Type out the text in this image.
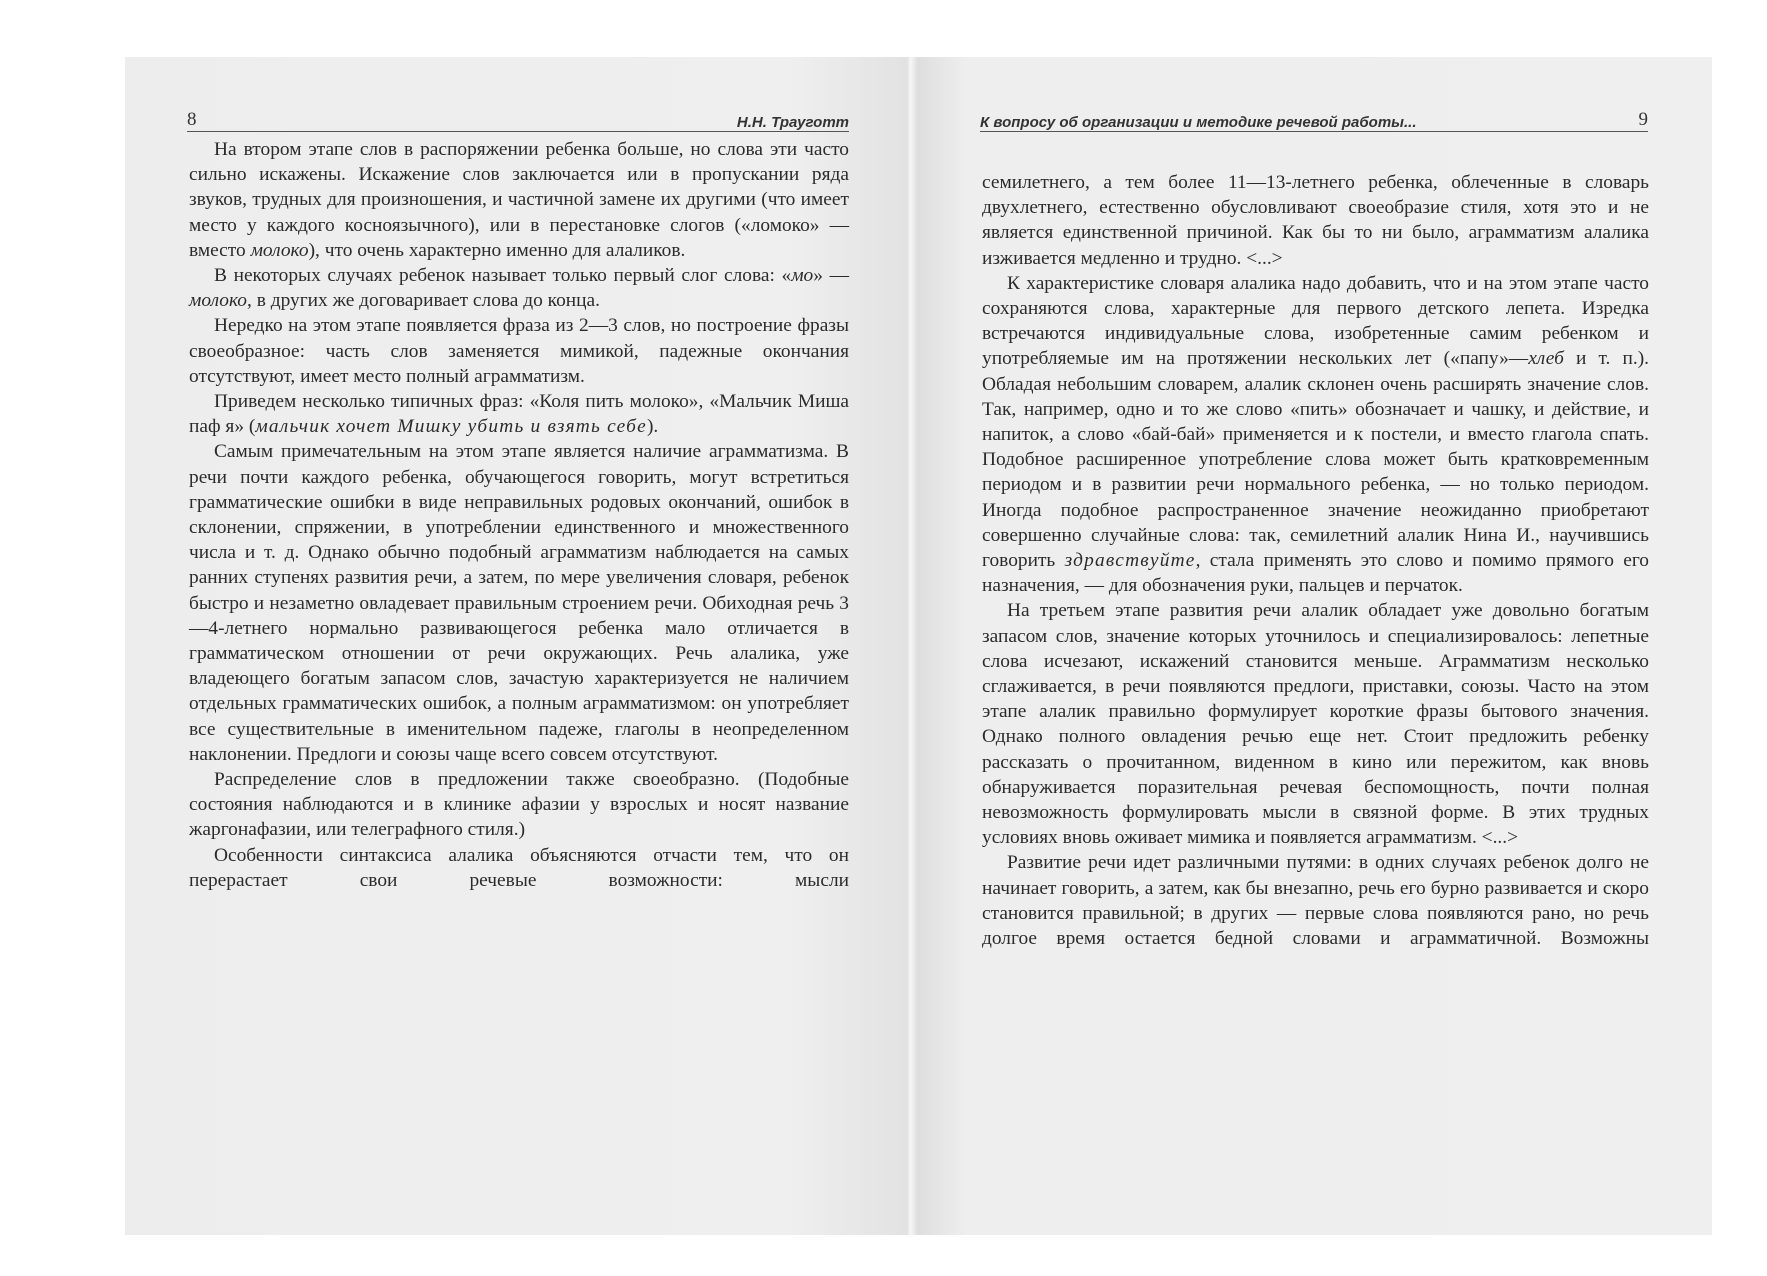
8	Н.Н. Трауготт

На втором этапе слов в распоряжении ребенка больше, но слова эти часто сильно искажены. Искажение слов заключается или в пропускании ряда звуков, трудных для произношения, и частичной замене их другими (что имеет место у каждого косноязычного), или в перестановке слогов («ломоко» — вместо молоко), что очень характерно именно для алаликов.

В некоторых случаях ребенок называет только первый слог слова: «мо» — молоко, в других же договаривает слова до конца.

Нередко на этом этапе появляется фраза из 2—3 слов, но построение фразы своеобразное: часть слов заменяется мимикой, падежные окончания отсутствуют, имеет место полный аграмматизм.

Приведем несколько типичных фраз: «Коля пить молоко», «Мальчик Миша паф я» (мальчик хочет Мишку убить и взять себе).

Самым примечательным на этом этапе является наличие аграмматизма. В речи почти каждого ребенка, обучающегося говорить, могут встретиться грамматические ошибки в виде неправильных родовых окончаний, ошибок в склонении, спряжении, в употреблении единственного и множественного числа и т. д. Однако обычно подобный аграмматизм наблюдается на самых ранних ступенях развития речи, а затем, по мере увеличения словаря, ребенок быстро и незаметно овладевает правильным строением речи. Обиходная речь 3—4-летнего нормально развивающегося ребенка мало отличается в грамматическом отношении от речи окружающих. Речь алалика, уже владеющего богатым запасом слов, зачастую характеризуется не наличием отдельных грамматических ошибок, а полным аграмматизмом: он употребляет все существительные в именительном падеже, глаголы в неопределенном наклонении. Предлоги и союзы чаще всего совсем отсутствуют.

Распределение слов в предложении также своеобразно. (Подобные состояния наблюдаются и в клинике афазии у взрослых и носят название жаргонафазии, или телеграфного стиля.)

Особенности синтаксиса алалика объясняются отчасти тем, что он перерастает свои речевые возможности: мысли

К вопросу об организации и методике речевой работы...	9

семилетнего, а тем более 11—13-летнего ребенка, облеченные в словарь двухлетнего, естественно обусловливают своеобразие стиля, хотя это и не является единственной причиной. Как бы то ни было, аграмматизм алалика изживается медленно и трудно. <...>

К характеристике словаря алалика надо добавить, что и на этом этапе часто сохраняются слова, характерные для первого детского лепета. Изредка встречаются индивидуальные слова, изобретенные самим ребенком и употребляемые им на протяжении нескольких лет («папу»—хлеб и т. п.). Обладая небольшим словарем, алалик склонен очень расширять значение слов. Так, например, одно и то же слово «пить» обозначает и чашку, и действие, и напиток, а слово «бай-бай» применяется и к постели, и вместо глагола спать. Подобное расширенное употребление слова может быть кратковременным периодом и в развитии речи нормального ребенка, — но только периодом. Иногда подобное распространенное значение неожиданно приобретают совершенно случайные слова: так, семилетний алалик Нина И., научившись говорить здравствуйте, стала применять это слово и помимо прямого его назначения, — для обозначения руки, пальцев и перчаток.

На третьем этапе развития речи алалик обладает уже довольно богатым запасом слов, значение которых уточнилось и специализировалось: лепетные слова исчезают, искажений становится меньше. Аграмматизм несколько сглаживается, в речи появляются предлоги, приставки, союзы. Часто на этом этапе алалик правильно формулирует короткие фразы бытового значения. Однако полного овладения речью еще нет. Стоит предложить ребенку рассказать о прочитанном, виденном в кино или пережитом, как вновь обнаруживается поразительная речевая беспомощность, почти полная невозможность формулировать мысли в связной форме. В этих трудных условиях вновь оживает мимика и появляется аграмматизм. <...>

Развитие речи идет различными путями: в одних случаях ребенок долго не начинает говорить, а затем, как бы внезапно, речь его бурно развивается и скоро становится правильной; в других — первые слова появляются рано, но речь долгое время остается бедной словами и аграмматичной. Возможны
